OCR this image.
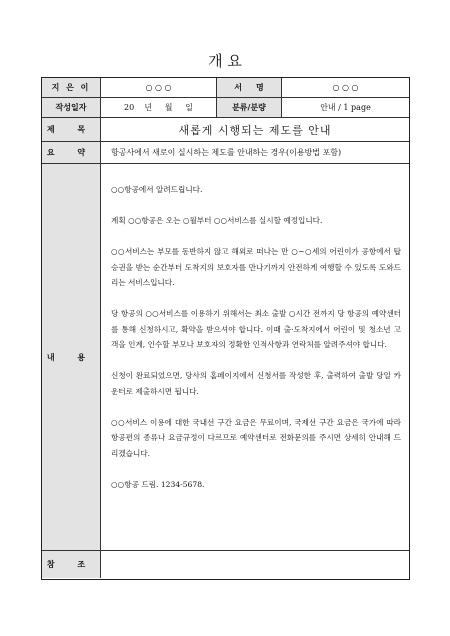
개 요
지 은 이	○ ○ ○	서     명	○ ○ ○
작성일자	20    년     월     일	분류/분량	안내 / 1 page
제 목	새롭게 시행되는 제도를 안내
요 약	항공사에서 새로이 실시하는 제도를 안내하는 경우(이용방법 포함)
내 용

○○항공에서 알려드립니다.

계획 ○○항공은 오는 ○월부터 ○○서비스를 실시할 예정입니다.

○○서비스는 부모를 동반하지 않고 해외로 떠나는 만 ○~○세의 어린이가 공항에서 탑승권을 받는 순간부터 도착지의 보호자를 만나기까지 안전하게 여행할 수 있도록 도와드리는 서비스입니다.

당 항공의 ○○서비스를 이용하기 위해서는 최소 출발 ○시간 전까지 당 항공의 예약센터를 통해 신청하시고, 확약을 받으셔야 합니다. 이때 출·도착지에서 어린이 및 청소년 고객을 인계, 인수할 부모나 보호자의 정확한 인적사항과 연락처를 알려주셔야 합니다.

신청이 완료되었으면, 당사의 홈페이지에서 신청서를 작성한 후, 출력하여 출발 당일 카운터로 제출하시면 됩니다.

○○서비스 이용에 대한 국내선 구간 요금은 무료이며, 국제선 구간 요금은 국가에 따라 항공편의 종류나 요금규정이 다르므로 예약센터로 전화문의를 주시면 상세히 안내해 드리겠습니다.

○○항공 드림. 1234-5678.

참 조
